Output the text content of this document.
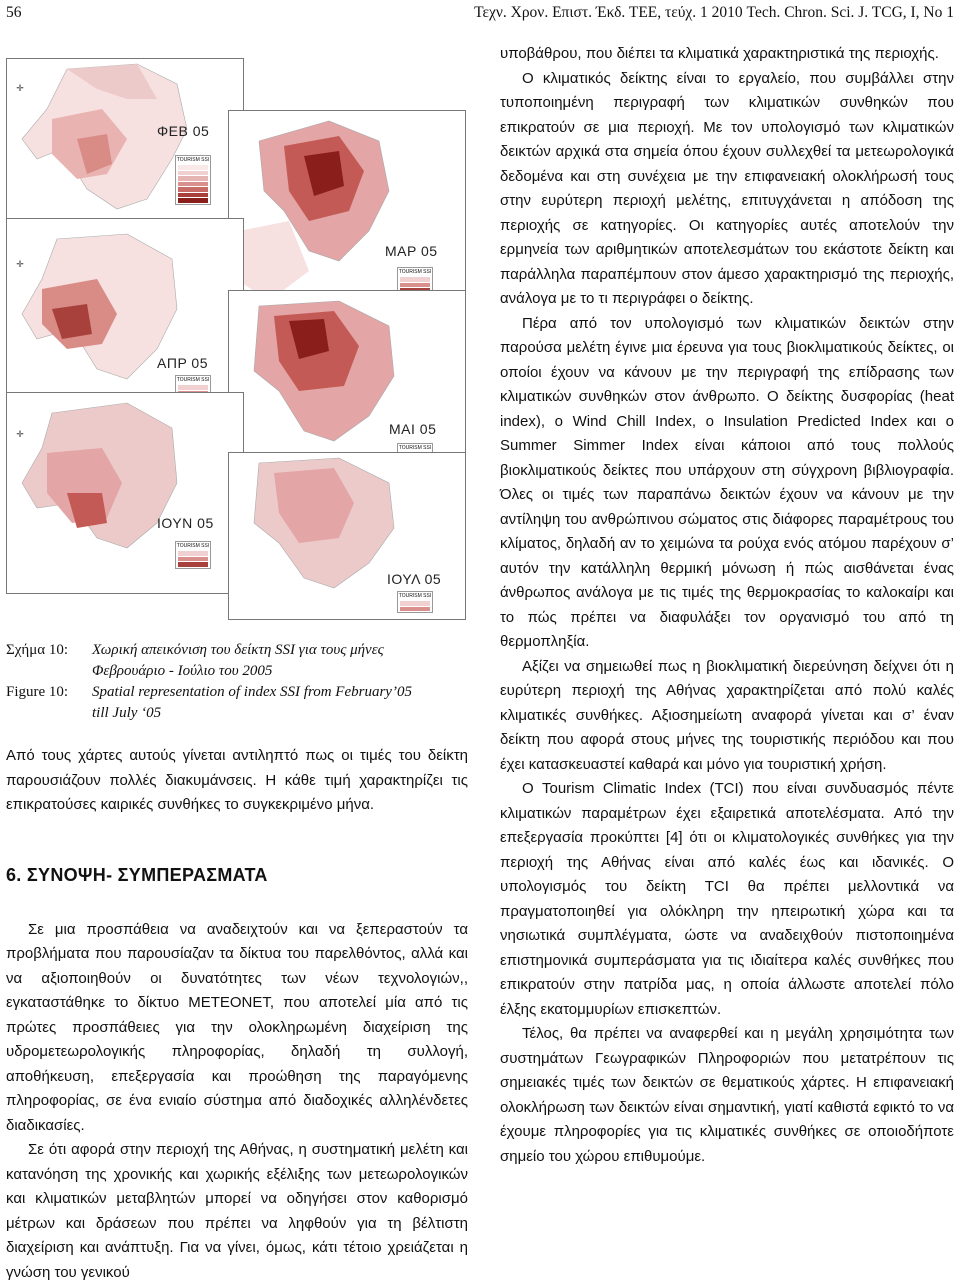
56	Τεχν. Χρον. Επιστ. Έκδ. ΤΕΕ, τεύχ. 1 2010 Tech. Chron. Sci. J. TCG, I, No 1
✛
ΦΕΒ 05
TOURISM SSI
ΜΑΡ 05
TOURISM SSI
✛
ΑΠΡ 05
TOURISM SSI
ΜΑΙ 05
TOURISM SSI
✛
ΙΟΥΝ 05
TOURISM SSI
ΙΟΥΛ 05
TOURISM SSI
Σχήμα 10:	Χωρική απεικόνιση του δείκτη SSI για τους μήνες
Φεβρουάριο - Ιούλιο του 2005
Figure 10:	Spatial representation of index SSI from February’05
till July ‘05

Από τους χάρτες αυτούς γίνεται αντιληπτό πως οι τιμές του δείκτη παρουσιάζουν πολλές διακυμάνσεις. Η κάθε τιμή χαρακτηρίζει τις επικρατούσες καιρικές συνθήκες το συγκεκριμένο μήνα.

6. ΣΥΝΟΨΗ- ΣΥΜΠΕΡΑΣΜΑΤΑ

Σε μια προσπάθεια να αναδειχτούν και να ξεπεραστούν τα προβλήματα που παρουσίαζαν τα δίκτυα του παρελθόντος, αλλά και να αξιοποιηθούν οι δυνατότητες των νέων τεχνολογιών,, εγκαταστάθηκε το δίκτυο METEONET, που αποτελεί μία από τις πρώτες προσπάθειες για την ολοκληρωμένη διαχείριση της υδρομετεωρολογικής πληροφορίας, δηλαδή τη συλλογή, αποθήκευση, επεξεργασία και προώθηση της παραγόμενης πληροφορίας, σε ένα ενιαίο σύστημα από διαδοχικές αλληλένδετες διαδικασίες.

Σε ότι αφορά στην περιοχή της Αθήνας, η συστηματική μελέτη και κατανόηση της χρονικής και χωρικής εξέλιξης των μετεωρολογικών και κλιματικών μεταβλητών μπορεί να οδηγήσει στον καθορισμό μέτρων και δράσεων που πρέπει να ληφθούν για τη βέλτιστη διαχείριση και ανάπτυξη. Για να γίνει, όμως, κάτι τέτοιο χρειάζεται η γνώση του γενικού

υποβάθρου, που διέπει τα κλιματικά χαρακτηριστικά της περιοχής.

Ο κλιματικός δείκτης είναι το εργαλείο, που συμβάλλει στην τυποποιημένη περιγραφή των κλιματικών συνθηκών που επικρατούν σε μια περιοχή. Με τον υπολογισμό των κλιματικών δεικτών αρχικά στα σημεία όπου έχουν συλλεχθεί τα μετεωρολογικά δεδομένα και στη συνέχεια με την επιφανειακή ολοκλήρωσή τους στην ευρύτερη περιοχή μελέτης, επιτυγχάνεται η απόδοση της περιοχής σε κατηγορίες. Οι κατηγορίες αυτές αποτελούν την ερμηνεία των αριθμητικών αποτελεσμάτων του εκάστοτε δείκτη και παράλληλα παραπέμπουν στον άμεσο χαρακτηρισμό της περιοχής, ανάλογα με το τι περιγράφει ο δείκτης.

Πέρα από τον υπολογισμό των κλιματικών δεικτών στην παρούσα μελέτη έγινε μια έρευνα για τους βιοκλιματικούς δείκτες, οι οποίοι έχουν να κάνουν με την περιγραφή της επίδρασης των κλιματικών συνθηκών στον άνθρωπο. Ο δείκτης δυσφορίας (heat index), ο Wind Chill Index, ο Insulation Predicted Index και ο Summer Simmer Index είναι κάποιοι από τους πολλούς βιοκλιματικούς δείκτες που υπάρχουν στη σύγχρονη βιβλιογραφία. Όλες οι τιμές των παραπάνω δεικτών έχουν να κάνουν με την αντίληψη του ανθρώπινου σώματος στις διάφορες παραμέτρους του κλίματος, δηλαδή αν το χειμώνα τα ρούχα ενός ατόμου παρέχουν σ’ αυτόν την κατάλληλη θερμική μόνωση ή πώς αισθάνεται ένας άνθρωπος ανάλογα με τις τιμές της θερμοκρασίας το καλοκαίρι και το πώς πρέπει να διαφυλάξει τον οργανισμό του από τη θερμοπληξία.

Αξίζει να σημειωθεί πως η βιοκλιματική διερεύνηση δείχνει ότι η ευρύτερη περιοχή της Αθήνας χαρακτηρίζεται από πολύ καλές κλιματικές συνθήκες. Αξιοσημείωτη αναφορά γίνεται και σ’ έναν δείκτη που αφορά στους μήνες της τουριστικής περιόδου και που έχει κατασκευαστεί καθαρά και μόνο για τουριστική χρήση.

Ο Tourism Climatic Index (TCI) που είναι συνδυασμός πέντε κλιματικών παραμέτρων έχει εξαιρετικά αποτελέσματα. Από την επεξεργασία προκύπτει [4] ότι οι κλιματολογικές συνθήκες για την περιοχή της Αθήνας είναι από καλές έως και ιδανικές. Ο υπολογισμός του δείκτη TCI θα πρέπει μελλοντικά να πραγματοποιηθεί για ολόκληρη την ηπειρωτική χώρα και τα νησιωτικά συμπλέγματα, ώστε να αναδειχθούν πιστοποιημένα επιστημονικά συμπεράσματα για τις ιδιαίτερα καλές συνθήκες που επικρατούν στην πατρίδα μας, η οποία άλλωστε αποτελεί πόλο έλξης εκατομμυρίων επισκεπτών.

Τέλος, θα πρέπει να αναφερθεί και η μεγάλη χρησιμότητα των συστημάτων Γεωγραφικών Πληροφοριών που μετατρέπουν τις σημειακές τιμές των δεικτών σε θεματικούς χάρτες. Η επιφανειακή ολοκλήρωση των δεικτών είναι σημαντική, γιατί καθιστά εφικτό το να έχουμε πληροφορίες για τις κλιματικές συνθήκες σε οποιοδήποτε σημείο του χώρου επιθυμούμε.
